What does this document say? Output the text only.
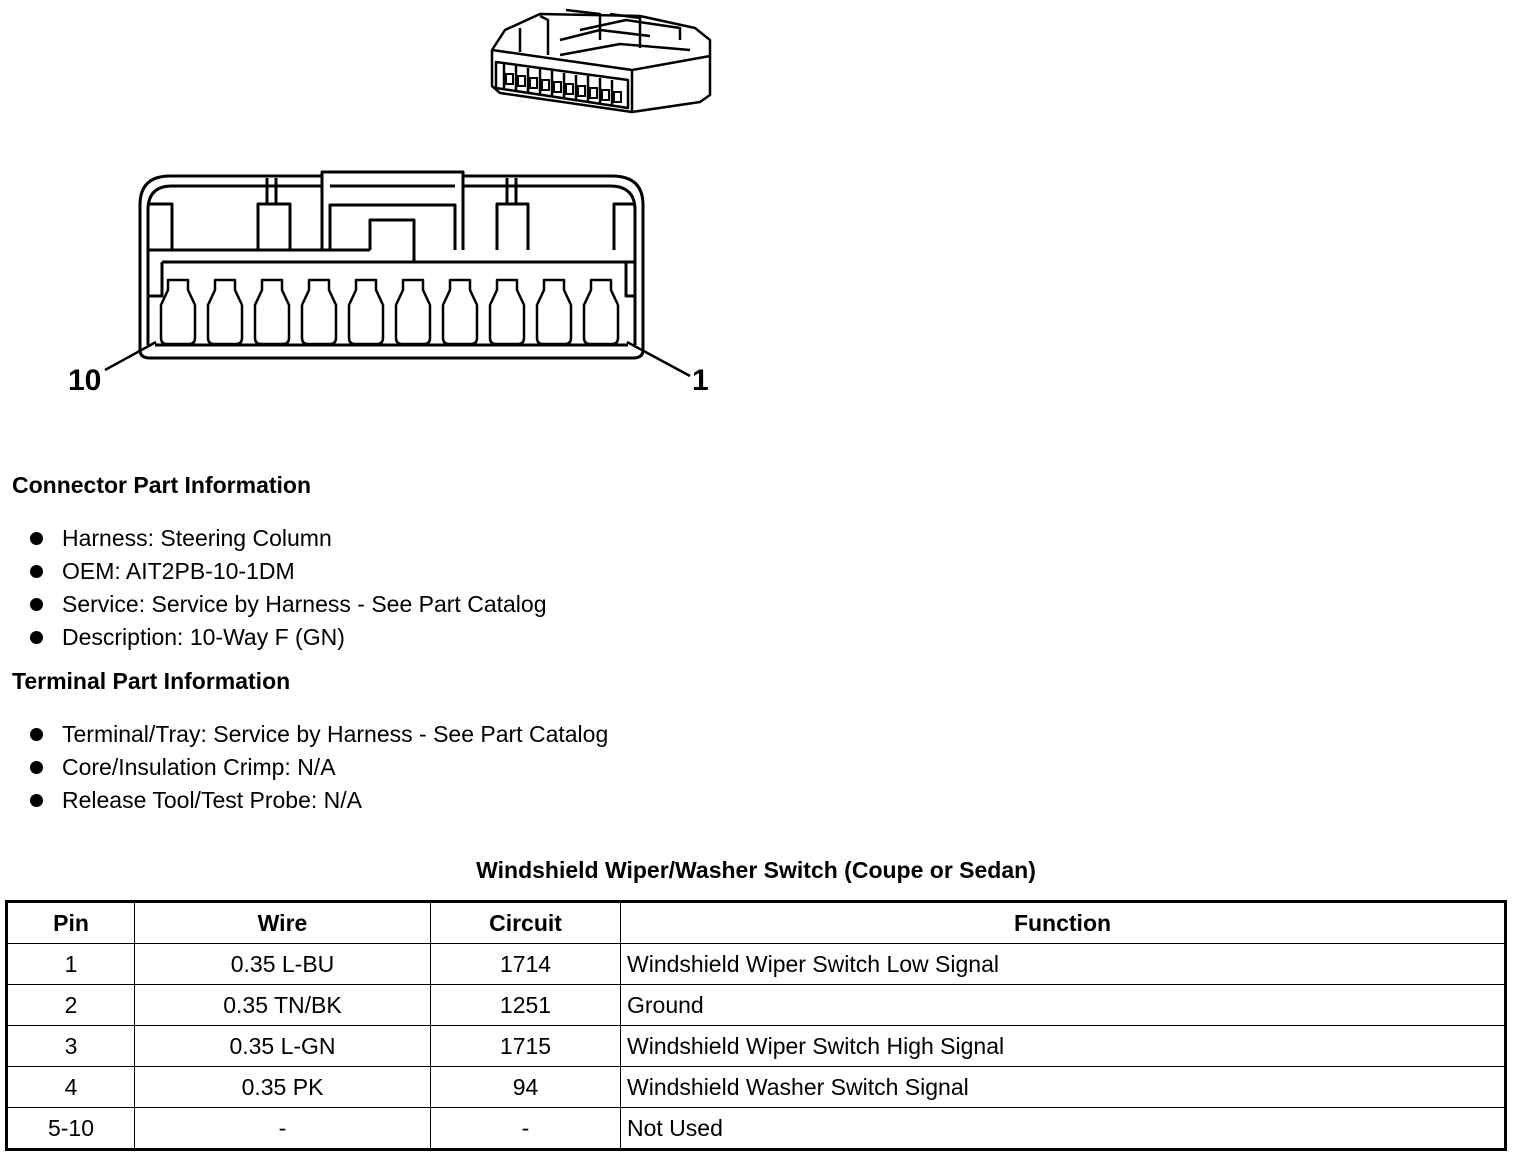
10	1
Connector Part Information
Harness: Steering Column
OEM: AIT2PB-10-1DM
Service: Service by Harness - See Part Catalog
Description: 10-Way F (GN)
Terminal Part Information
Terminal/Tray: Service by Harness - See Part Catalog
Core/Insulation Crimp: N/A
Release Tool/Test Probe: N/A
Windshield Wiper/Washer Switch (Coupe or Sedan)
Pin	Wire	Circuit	Function
1	0.35 L-BU	1714	Windshield Wiper Switch Low Signal
2	0.35 TN/BK	1251	Ground
3	0.35 L-GN	1715	Windshield Wiper Switch High Signal
4	0.35 PK	94	Windshield Washer Switch Signal
5-10	-	-	Not Used
